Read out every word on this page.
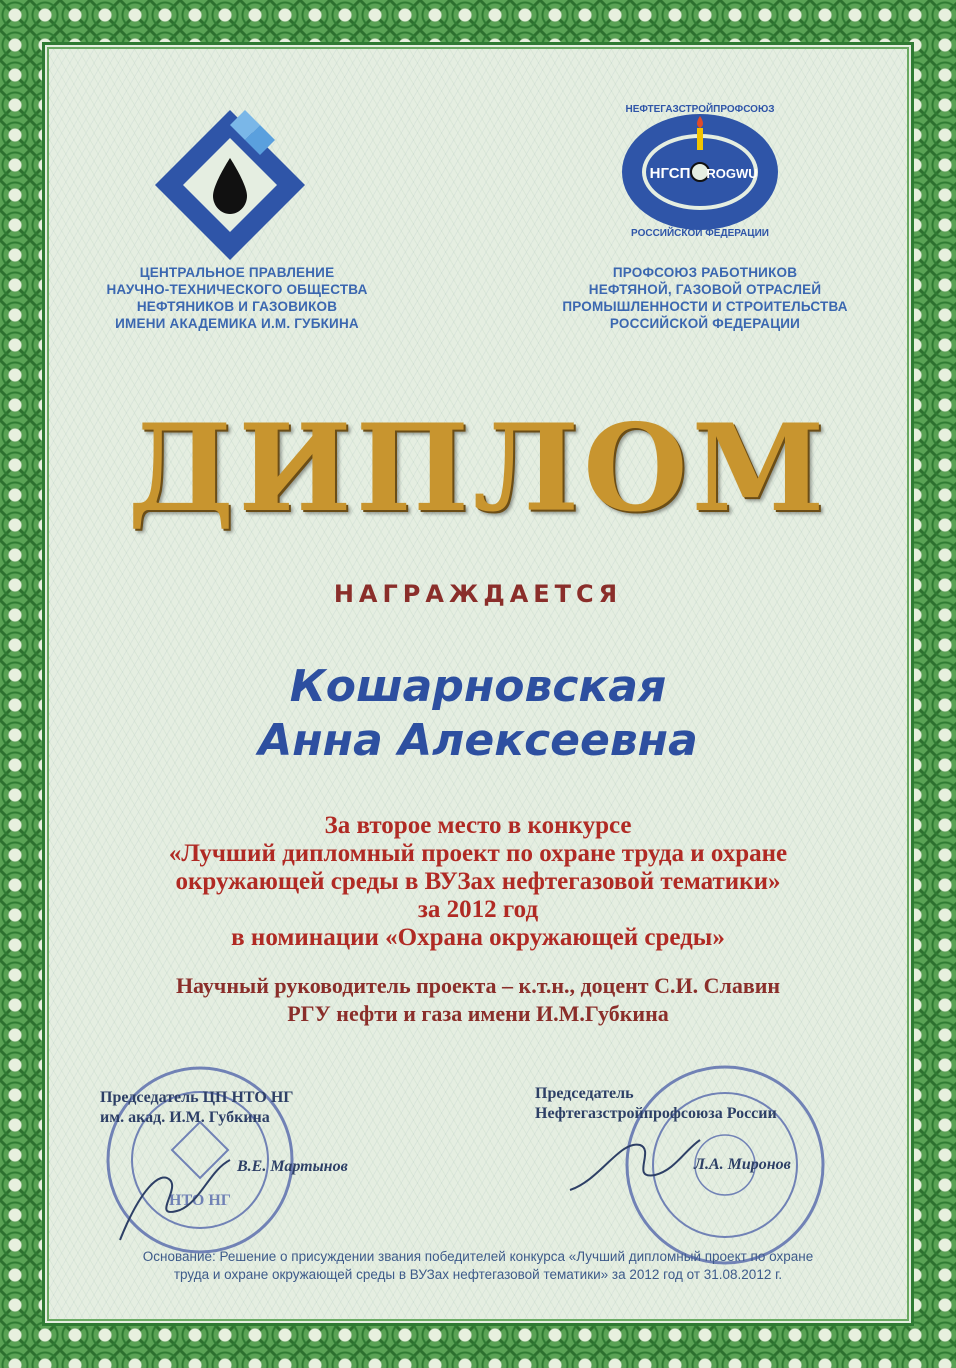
НГСП ROGWU
НЕФТЕГАЗСТРОЙПРОФСОЮЗ
РОССИЙСКОЙ ФЕДЕРАЦИИ
ЦЕНТРАЛЬНОЕ ПРАВЛЕНИЕ
НАУЧНО-ТЕХНИЧЕСКОГО ОБЩЕСТВА
НЕФТЯНИКОВ И ГАЗОВИКОВ
ИМЕНИ АКАДЕМИКА И.М. ГУБКИНА
ПРОФСОЮЗ РАБОТНИКОВ
НЕФТЯНОЙ, ГАЗОВОЙ ОТРАСЛЕЙ
ПРОМЫШЛЕННОСТИ И СТРОИТЕЛЬСТВА
РОССИЙСКОЙ ФЕДЕРАЦИИ
ДИПЛОМ
НАГРАЖДАЕТСЯ
Кошарновская
Анна Алексеевна
За второе место в конкурсе
«Лучший дипломный проект по охране труда и охране
окружающей среды в ВУЗах нефтегазовой тематики»
за 2012 год
в номинации «Охрана окружающей среды»
Научный руководитель проекта – к.т.н., доцент С.И. Славин
РГУ нефти и газа имени И.М.Губкина
НТО НГ
Председатель ЦП НТО НГ
им. акад. И.М. Губкина
В.Е. Мартынов
Председатель
Нефтегазстройпрофсоюза России
Л.А. Миронов
Основание: Решение о присуждении звания победителей конкурса «Лучший дипломный проект по охране
труда и охране окружающей среды в ВУЗах нефтегазовой тематики» за 2012 год от 31.08.2012 г.
